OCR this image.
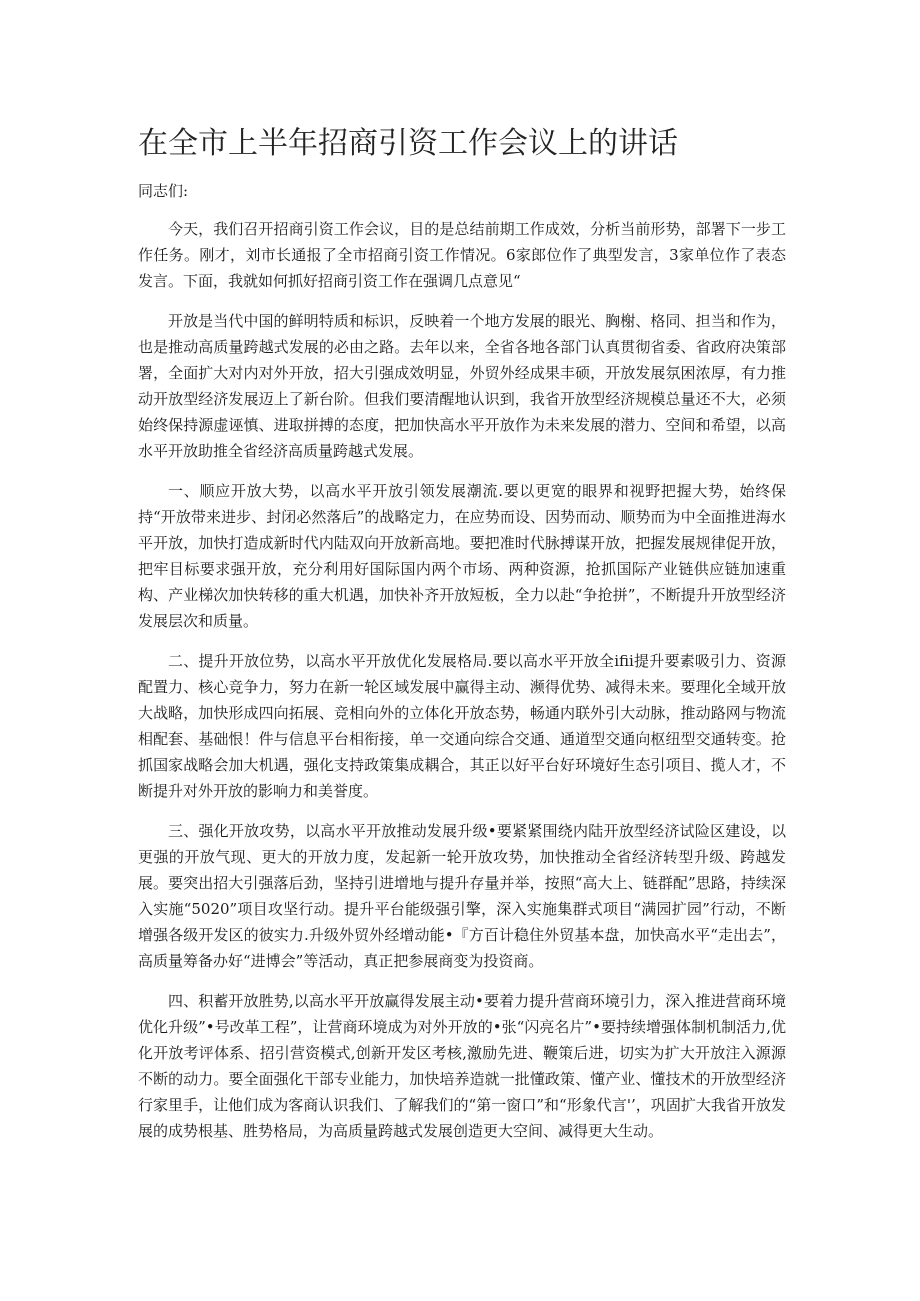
在全市上半年招商引资工作会议上的讲话

同志们:

今天，我们召开招商引资工作会议，目的是总结前期工作成效，分析当前形势，部署下一步工作任务。刚才，刘市长通报了全市招商引资工作情况。6家郎位作了典型发言，3家单位作了表态发言。下面，我就如何抓好招商引资工作在强调几点意见“

开放是当代中国的鲜明特质和标识，反映着一个地方发展的眼光、胸榭、格同、担当和作为，也是推动高质量跨越式发展的必由之路。去年以来，全省各地各部门认真贯彻省委、省政府决策部署，全面扩大对内对外开放，招大引强成效明显，外贸外经成果丰硕，开放发展氛困浓厚，有力推动开放型经济发展迈上了新台阶。但我们要清醒地认识到，我省开放型经济规模总量还不大，必须始终保持源虚诬慎、进取拼搏的态度，把加快高水平开放作为未来发展的潜力、空间和希望，以高水平开放助推全省经济高质量跨越式发展。

一、顺应开放大势，以高水平开放引领发展潮流.要以更宽的眼界和视野把握大势，始终保持“开放带来进步、封闭必然落后”的战略定力，在应势而设、因势而动、顺势而为中全面推进海水平开放，加快打造成新时代内陆双向开放新高地。要把准时代脉搏谋开放，把握发展规律促开放，把牢目标要求强开放，充分利用好国际国内两个市场、两种资源，抢抓国际产业链供应链加速重构、产业梯次加快转移的重大机遇，加快补齐开放短板，全力以赴“争抢拼”，不断提升开放型经济发展层次和质量。

二、提升开放位势，以高水平开放优化发展格局.要以高水平开放全ifii提升要素吸引力、资源配置力、核心竞争力，努力在新一轮区域发展中赢得主动、濒得优势、减得未来。要理化全域开放大战略，加快形成四向拓展、竞相向外的立体化开放态势，畅通内联外引大动脉，推动路网与物流相配套、基础恨！件与信息平台相衔接，单一交通向综合交通、通道型交通向枢纽型交通转变。抢抓国家战略会加大机遇，强化支持政策集成耦合，其正以好平台好环境好生态引项目、揽人才，不断提升对外开放的影响力和美誉度。

三、强化开放攻势，以高水平开放推动发展升级•要紧紧围绕内陆开放型经济试险区建设，以更强的开放气现、更大的开放力度，发起新一轮开放攻势，加快推动全省经济转型升级、跨越发展。要突出招大引强落后劲，坚持引进增地与提升存量并举，按照“高大上、链群配”思路，持续深入实施“5020”项目攻坚行动。提升平台能级强引擎，深入实施集群式项目“满园扩园”行动，不断增强各级开发区的彼实力.升级外贸外经增动能•『方百计稳住外贸基本盘，加快高水平“走出去”，高质量筹备办好“进博会”等活动，真正把参展商变为投资商。

四、积蓄开放胜势,以高水平开放赢得发展主动•要着力提升营商环境引力，深入推进营商环境优化升级”•号改革工程”，让营商环境成为对外开放的•张“闪亮名片”•要持续增强体制机制活力,优化开放考评体系、招引营资模式,创新开发区考核,激励先进、鞭策后进，切实为扩大开放注入源源不断的动力。要全面强化干部专业能力，加快培养造就一批懂政策、懂产业、懂技术的开放型经济行家里手，让他们成为客商认识我们、了解我们的“第一窗口”和“形象代言'’，巩固扩大我省开放发展的成势根基、胜势格局，为高质量跨越式发展创造更大空间、减得更大生动。
